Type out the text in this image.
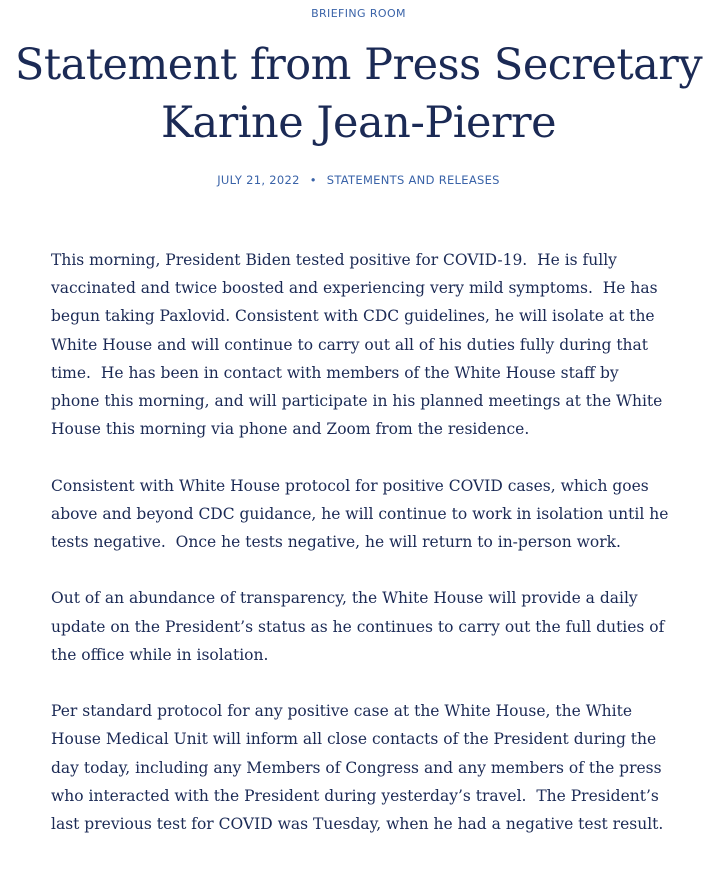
BRIEFING ROOM
Statement from Press Secretary Karine Jean-Pierre
JULY 21, 2022 • STATEMENTS AND RELEASES

This morning, President Biden tested positive for COVID-19.  He is fully vaccinated and twice boosted and experiencing very mild symptoms.  He has begun taking Paxlovid. Consistent with CDC guidelines, he will isolate at the White House and will continue to carry out all of his duties fully during that time.  He has been in contact with members of the White House staff by phone this morning, and will participate in his planned meetings at the White House this morning via phone and Zoom from the residence.

Consistent with White House protocol for positive COVID cases, which goes above and beyond CDC guidance, he will continue to work in isolation until he tests negative.  Once he tests negative, he will return to in-person work.

Out of an abundance of transparency, the White House will provide a daily update on the President’s status as he continues to carry out the full duties of the office while in isolation.

Per standard protocol for any positive case at the White House, the White House Medical Unit will inform all close contacts of the President during the day today, including any Members of Congress and any members of the press who interacted with the President during yesterday’s travel.  The President’s last previous test for COVID was Tuesday, when he had a negative test result.
